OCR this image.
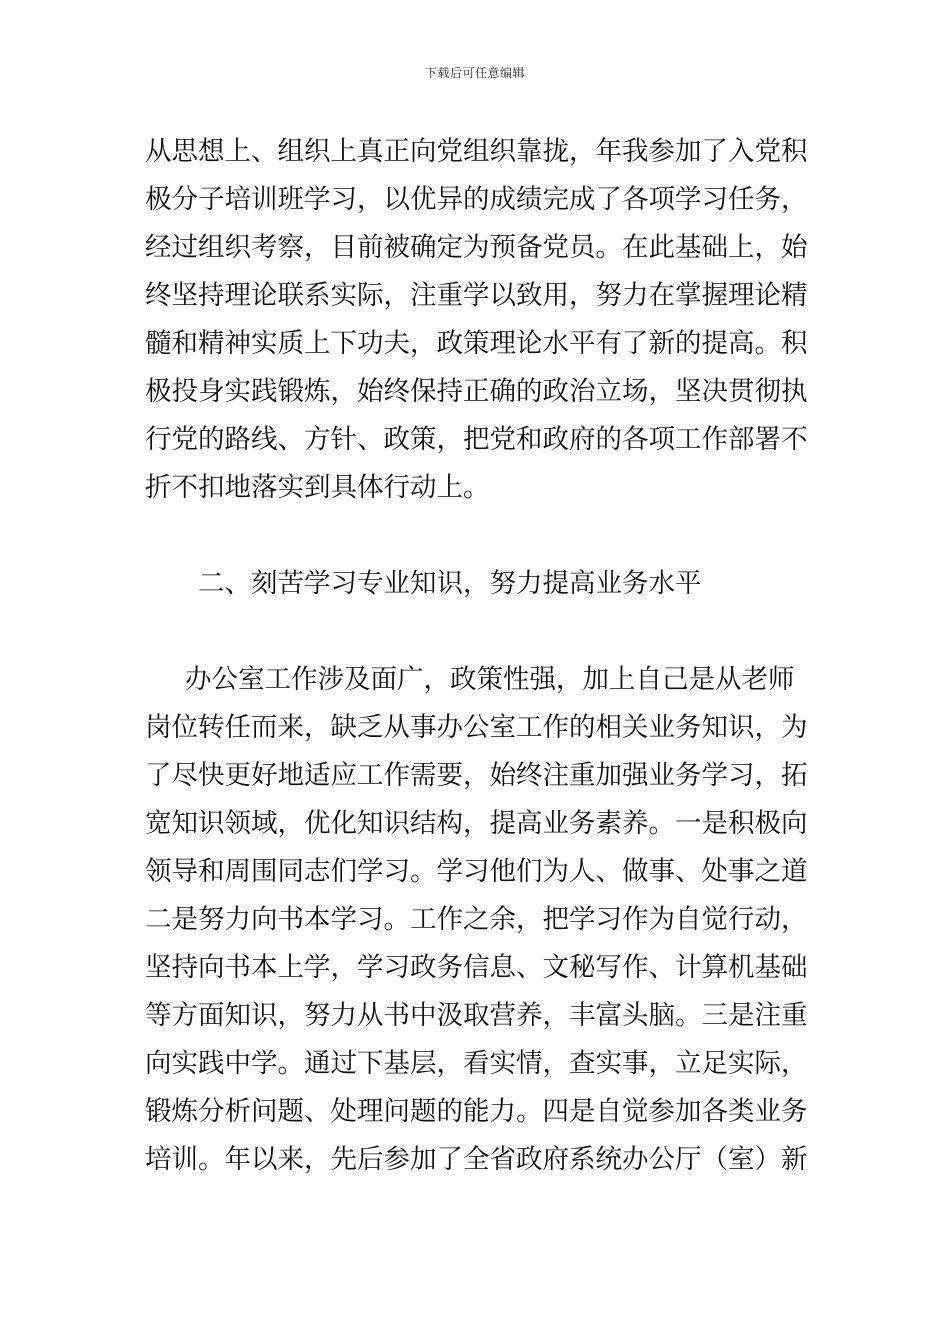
下载后可任意编辑
从思想上、组织上真正向党组织靠拢，年我参加了入党积
极分子培训班学习，以优异的成绩完成了各项学习任务，
经过组织考察，目前被确定为预备党员。在此基础上，始
终坚持理论联系实际，注重学以致用，努力在掌握理论精
髓和精神实质上下功夫，政策理论水平有了新的提高。积
极投身实践锻炼，始终保持正确的政治立场，坚决贯彻执
行党的路线、方针、政策，把党和政府的各项工作部署不
折不扣地落实到具体行动上。
二、刻苦学习专业知识，努力提高业务水平
办公室工作涉及面广，政策性强，加上自己是从老师
岗位转任而来，缺乏从事办公室工作的相关业务知识，为
了尽快更好地适应工作需要，始终注重加强业务学习，拓
宽知识领域，优化知识结构，提高业务素养。一是积极向
领导和周围同志们学习。学习他们为人、做事、处事之道
二是努力向书本学习。工作之余，把学习作为自觉行动，
坚持向书本上学，学习政务信息、文秘写作、计算机基础
等方面知识，努力从书中汲取营养，丰富头脑。三是注重
向实践中学。通过下基层，看实情，查实事，立足实际，
锻炼分析问题、处理问题的能力。四是自觉参加各类业务
培训。年以来，先后参加了全省政府系统办公厅（室）新
